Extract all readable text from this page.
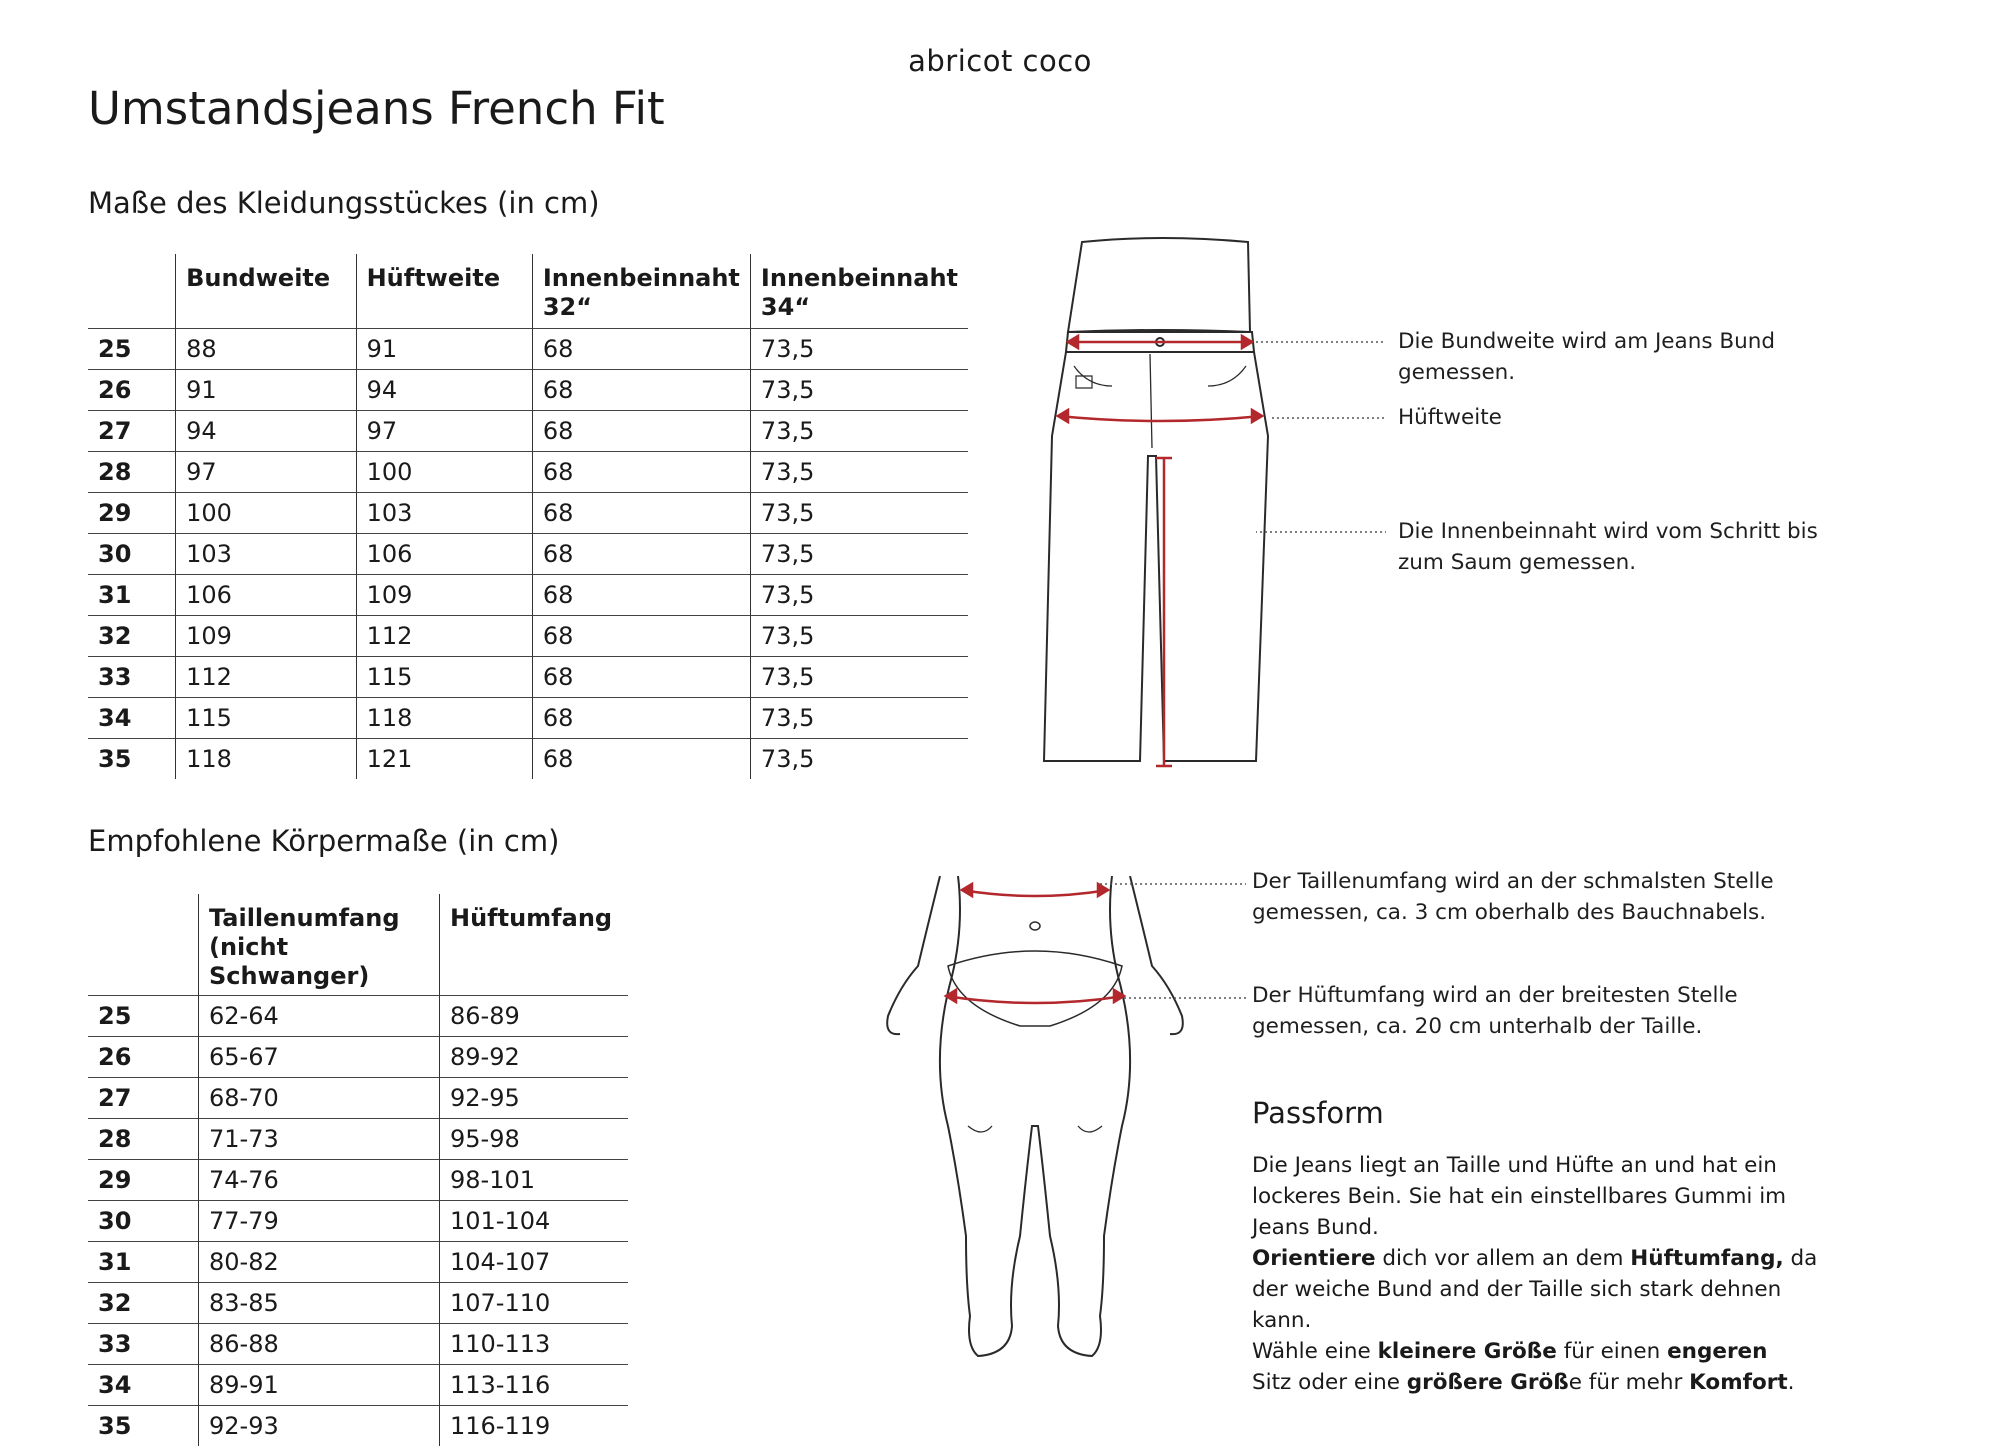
abricot coco
Umstandsjeans French Fit
Maße des Kleidungsstückes (in cm)
	Bundweite	Hüftweite	Innenbeinnaht 32“	Innenbeinnaht 34“
25	88	91	68	73,5
26	91	94	68	73,5
27	94	97	68	73,5
28	97	100	68	73,5
29	100	103	68	73,5
30	103	106	68	73,5
31	106	109	68	73,5
32	109	112	68	73,5
33	112	115	68	73,5
34	115	118	68	73,5
35	118	121	68	73,5
Empfohlene Körpermaße (in cm)
	Taillenumfang (nicht Schwanger)	Hüftumfang
25	62-64	86-89
26	65-67	89-92
27	68-70	92-95
28	71-73	95-98
29	74-76	98-101
30	77-79	101-104
31	80-82	104-107
32	83-85	107-110
33	86-88	110-113
34	89-91	113-116
35	92-93	116-119
Die Bundweite wird am Jeans Bund gemessen.
Hüftweite
Die Innenbeinnaht wird vom Schritt bis zum Saum gemessen.
Der Taillenumfang wird an der schmalsten Stelle gemessen, ca. 3 cm oberhalb des Bauchnabels.
Der Hüftumfang wird an der breitesten Stelle gemessen, ca. 20 cm unterhalb der Taille.
Passform

Die Jeans liegt an Taille und Hüfte an und hat ein lockeres Bein. Sie hat ein einstellbares Gummi im Jeans Bund.

Orientiere dich vor allem an dem Hüftumfang, da der weiche Bund and der Taille sich stark dehnen kann.

Wähle eine kleinere Größe für einen engeren
Sitz oder eine größere Größe für mehr Komfort.
